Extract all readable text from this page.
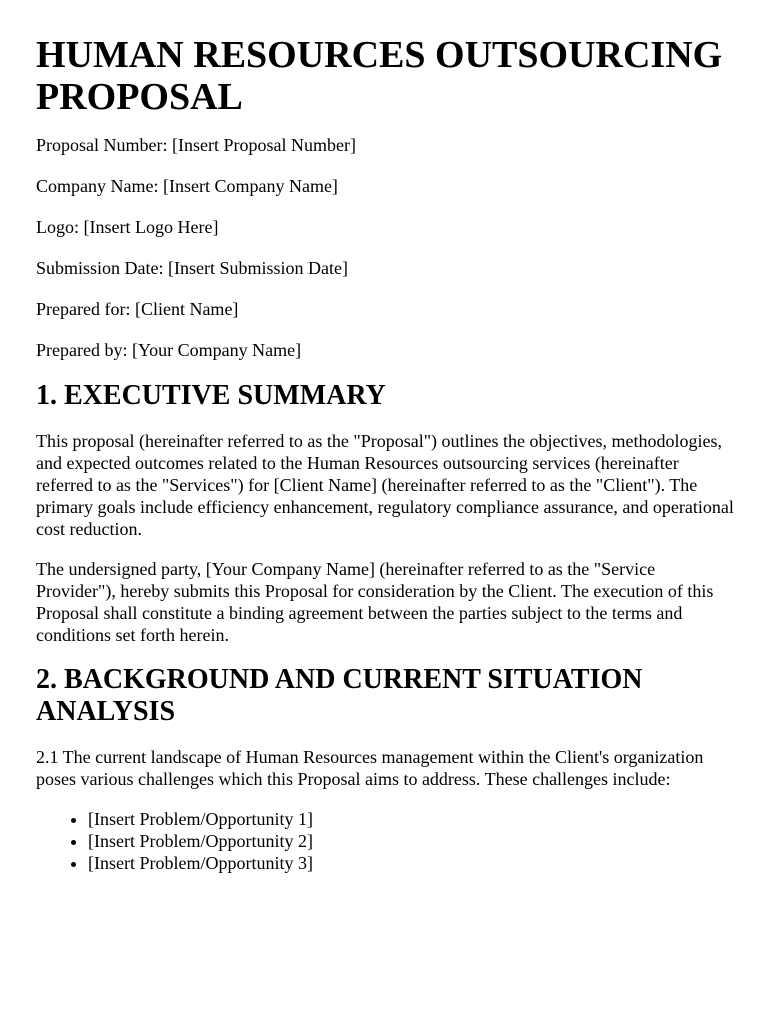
HUMAN RESOURCES OUTSOURCING PROPOSAL

Proposal Number: [Insert Proposal Number]

Company Name: [Insert Company Name]

Logo: [Insert Logo Here]

Submission Date: [Insert Submission Date]

Prepared for: [Client Name]

Prepared by: [Your Company Name]

1. EXECUTIVE SUMMARY

This proposal (hereinafter referred to as the "Proposal") outlines the objectives, methodologies, and expected outcomes related to the Human Resources outsourcing services (hereinafter referred to as the "Services") for [Client Name] (hereinafter referred to as the "Client"). The primary goals include efficiency enhancement, regulatory compliance assurance, and operational cost reduction.

The undersigned party, [Your Company Name] (hereinafter referred to as the "Service Provider"), hereby submits this Proposal for consideration by the Client. The execution of this Proposal shall constitute a binding agreement between the parties subject to the terms and conditions set forth herein.

2. BACKGROUND AND CURRENT SITUATION ANALYSIS

2.1 The current landscape of Human Resources management within the Client's organization poses various challenges which this Proposal aims to address. These challenges include:

• [Insert Problem/Opportunity 1]
• [Insert Problem/Opportunity 2]
• [Insert Problem/Opportunity 3]
